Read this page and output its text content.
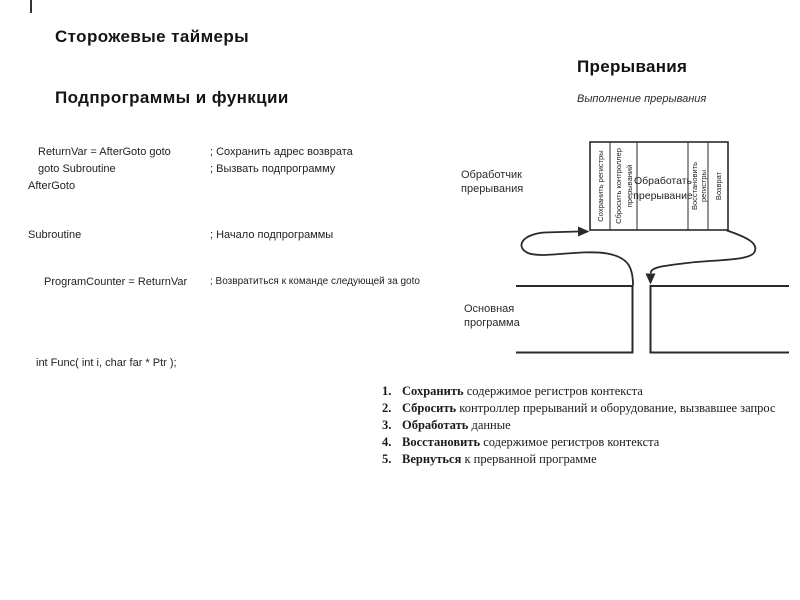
Сторожевые таймеры
Подпрограммы и функции
ReturnVar = AfterGoto goto	; Сохранить адрес возврата
goto Subroutine	; Вызвать подпрограмму
AfterGoto
Subroutine	; Начало подпрограммы
ProgramCounter = ReturnVar ; Возвратиться к команде следующей за goto
int Func( int i, char far * Ptr );
Прерывания
Выполнение прерывания
Обработчик
прерывания
Основная
программа
Сохранить регистры Сбросить контроллер прерываний Обработать
прерывание
Восстановить регистры Возврат
1. Сохранить содержимое регистров контекста
2. Сбросить контроллер прерываний и оборудование, вызвавшее запрос
3. Обработать данные
4. Восстановить содержимое регистров контекста
5. Вернуться к прерванной программе
